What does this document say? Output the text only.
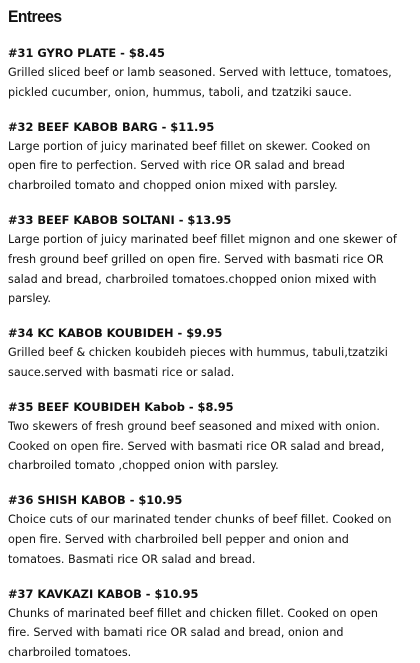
Entrees
#31 GYRO PLATE - $8.45
Grilled sliced beef or lamb seasoned. Served with lettuce, tomatoes, pickled cucumber, onion, hummus, taboli, and tzatziki sauce.
#32 BEEF KABOB BARG - $11.95
Large portion of juicy marinated beef fillet on skewer. Cooked on open fire to perfection. Served with rice OR salad and bread charbroiled tomato and chopped onion mixed with parsley.
#33 BEEF KABOB SOLTANI - $13.95
Large portion of juicy marinated beef fillet mignon and one skewer of fresh ground beef grilled on open fire. Served with basmati rice OR salad and bread, charbroiled tomatoes.chopped onion mixed with parsley.
#34 KC KABOB KOUBIDEH - $9.95
Grilled beef & chicken koubideh pieces with hummus, tabuli,tzatziki sauce.served with basmati rice or salad.
#35 BEEF KOUBIDEH Kabob - $8.95
Two skewers of fresh ground beef seasoned and mixed with onion. Cooked on open fire. Served with basmati rice OR salad and bread, charbroiled tomato ,chopped onion with parsley.
#36 SHISH KABOB - $10.95
Choice cuts of our marinated tender chunks of beef fillet. Cooked on open fire. Served with charbroiled bell pepper and onion and tomatoes. Basmati rice OR salad and bread.
#37 KAVKAZI KABOB - $10.95
Chunks of marinated beef fillet and chicken fillet. Cooked on open fire. Served with bamati rice OR salad and bread, onion and charbroiled tomatoes.
